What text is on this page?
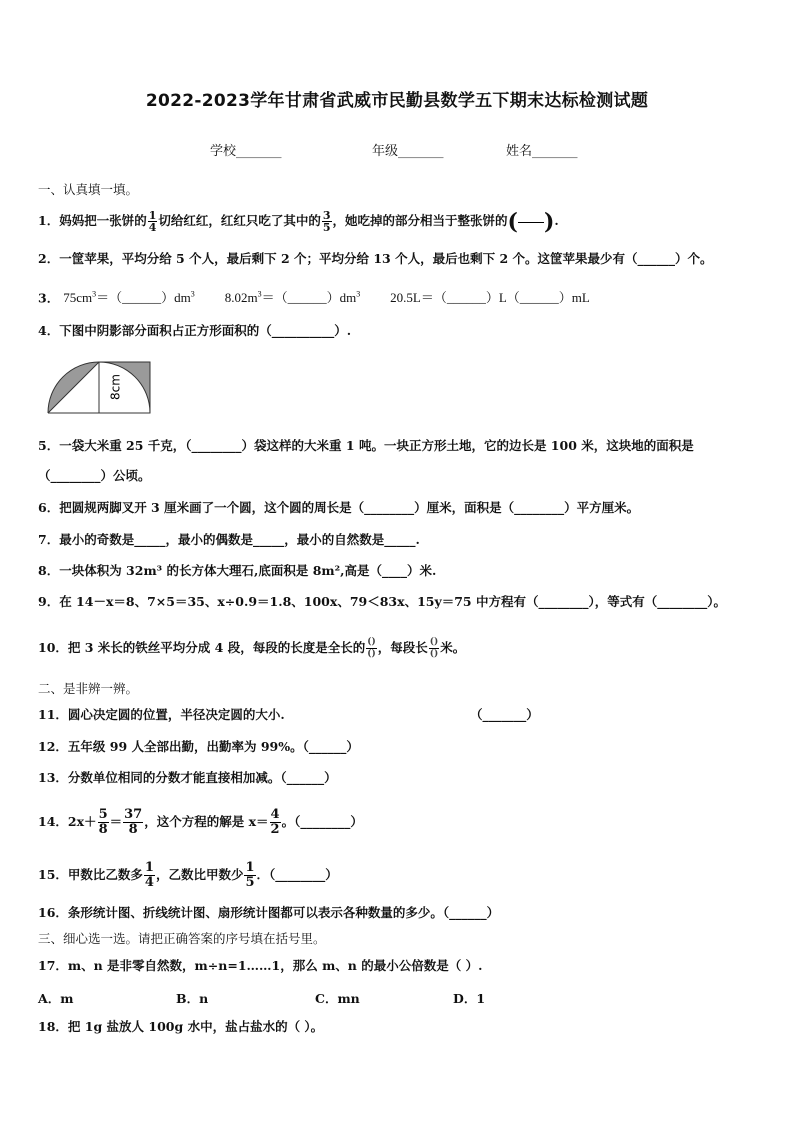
2022-2023学年甘肃省武威市民勤县数学五下期末达标检测试题
学校_______	年级_______	姓名_______
一、认真填一填。
1．妈妈把一张饼的 $\frac{1}{4}$ 切给红红，红红只吃了其中的 $\frac{3}{5}$ ，她吃掉的部分相当于整张饼的( ).
2．一筐苹果，平均分给 5 个人，最后剩下 2 个；平均分给 13 个人，最后也剩下 2 个。这筐苹果最少有（______）个。
3． $75cm^3=(\_\_\_\_\_\_)dm^3$ $8.02m^3=(\_\_\_\_\_\_)dm^3$ 20.5L＝（______）L（______）mL
4．下图中阴影部分面积占正方形面积的（__________）.
8cm
5．一袋大米重 25 千克，（________）袋这样的大米重 1 吨。一块正方形土地，它的边长是 100 米，这块地的面积是
（________）公顷。
6．把圆规两脚叉开 3 厘米画了一个圆，这个圆的周长是（________）厘米，面积是（________）平方厘米。
7．最小的奇数是_____，最小的偶数是_____，最小的自然数是_____.
8．一块体积为 32m³ 的长方体大理石,底面积是 8m²,高是（____）米.
9．在 14－x＝8、7×5＝35、x÷0.9＝1.8、100x、79＜83x、15y＝75 中方程有（________），等式有（________）。
10．把 3 米长的铁丝平均分成 4 段，每段的长度是全长的 $\frac{()}{()}$ ，每段长 $\frac{()}{()}$ 米。
二、是非辨一辨。
11．圆心决定圆的位置，半径决定圆的大小.	（_______）
12．五年级 99 人全部出勤，出勤率为 99%。（______）
13．分数单位相同的分数才能直接相加减。（______）
14．$2x+ \frac{5}{8} = \frac{37}{8}$ ，这个方程的解是 $x= \frac{4}{2}$ 。（________）
15．甲数比乙数多 $\frac{1}{4}$ ，乙数比甲数少 $\frac{1}{5}$ ．（________）
16．条形统计图、折线统计图、扇形统计图都可以表示各种数量的多少。（______）
三、细心选一选。请把正确答案的序号填在括号里。
17．m、n 是非零自然数，m÷n=1……1，那么 m、n 的最小公倍数是（ ）.
A．m	B．n	C．mn	D．1
18．把 1g 盐放人 100g 水中，盐占盐水的（ ）。
